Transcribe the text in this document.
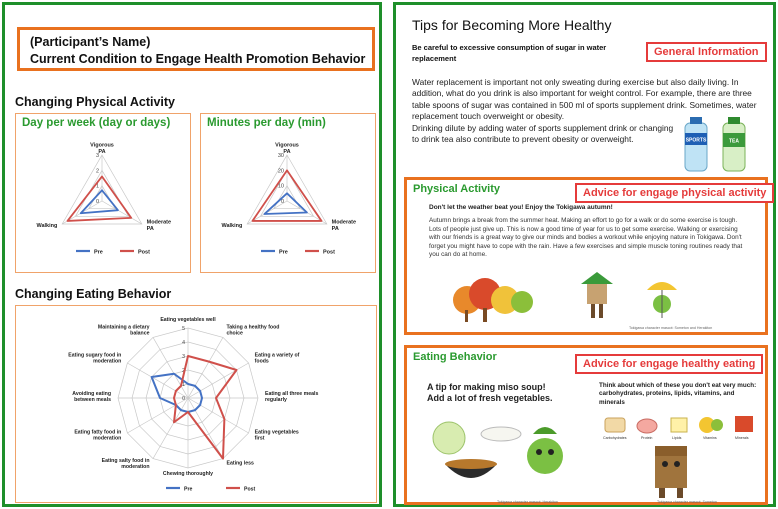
(Participant’s Name)
Current Condition to Engage Health Promotion Behavior
Changing Physical Activity
Day per week (day or days)
0
1
2
3
Vigorous PA
Moderate PA
Walking
Pre	Post
Minutes per day (min)
0
10
20
30
Vigorous PA
Moderate PA
Walking
Pre	Post
Changing Eating Behavior
0
1
2
3
4
5
Eating vegetables well
Taking a healthy food choice
Eating a variety of foods
Eating all three meals regularly
Eating vegetables first
Eating less
Chewing thoroughly
Eating salty food in moderation
Eating fatty food in moderation
Avoiding eating between meals
Eating sugary food in moderation
Maintaining a dietary balance
Pre	Post
Tips for Becoming More Healthy
Be careful to excessive consumption of sugar in water replacement
General Information
Water replacement is important not only sweating during exercise but also daily living. In addition, what do you drink is also important for weight control. For example, there are three table spoons of sugar was contained in 500 ml of sports supplement drink. Sometimes, water replacement touch overweight or obesity.
Drinking dilute by adding water of sports supplement drink or changing to drink tea also contribute to prevent obesity or overweight.	SPORTS	TEA
Physical Activity	Advice for engage physical activity
Don't let the weather beat you! Enjoy the Tokigawa autumn!
Autumn brings a break from the summer heat. Making an effort to go for a walk or do some exercise is tough. Lots of people just give up. This is now a good time of year for us to get some exercise. Walking or exercising with our friends is a great way to give our minds and bodies a workout while enjoying nature in Tokigawa. Don't forget you might have to cope with the rain. Have a few exercises and simple muscle toning routines ready that you can do at home.
Tokigawa character mascot: Someton and Herakiton
Eating Behavior
Advice for engage healthy eating
A tip for making miso soup!
Add a lot of fresh vegetables.
Think about which of these you don't eat very much: carbohydrates, proteins, lipids, vitamins, and minerals
Tokigawa character mascot: Herakiton
Carbohydrates	Protein	Lipids	Vitamins	Minerals
Tokigawa character mascot: Someton
